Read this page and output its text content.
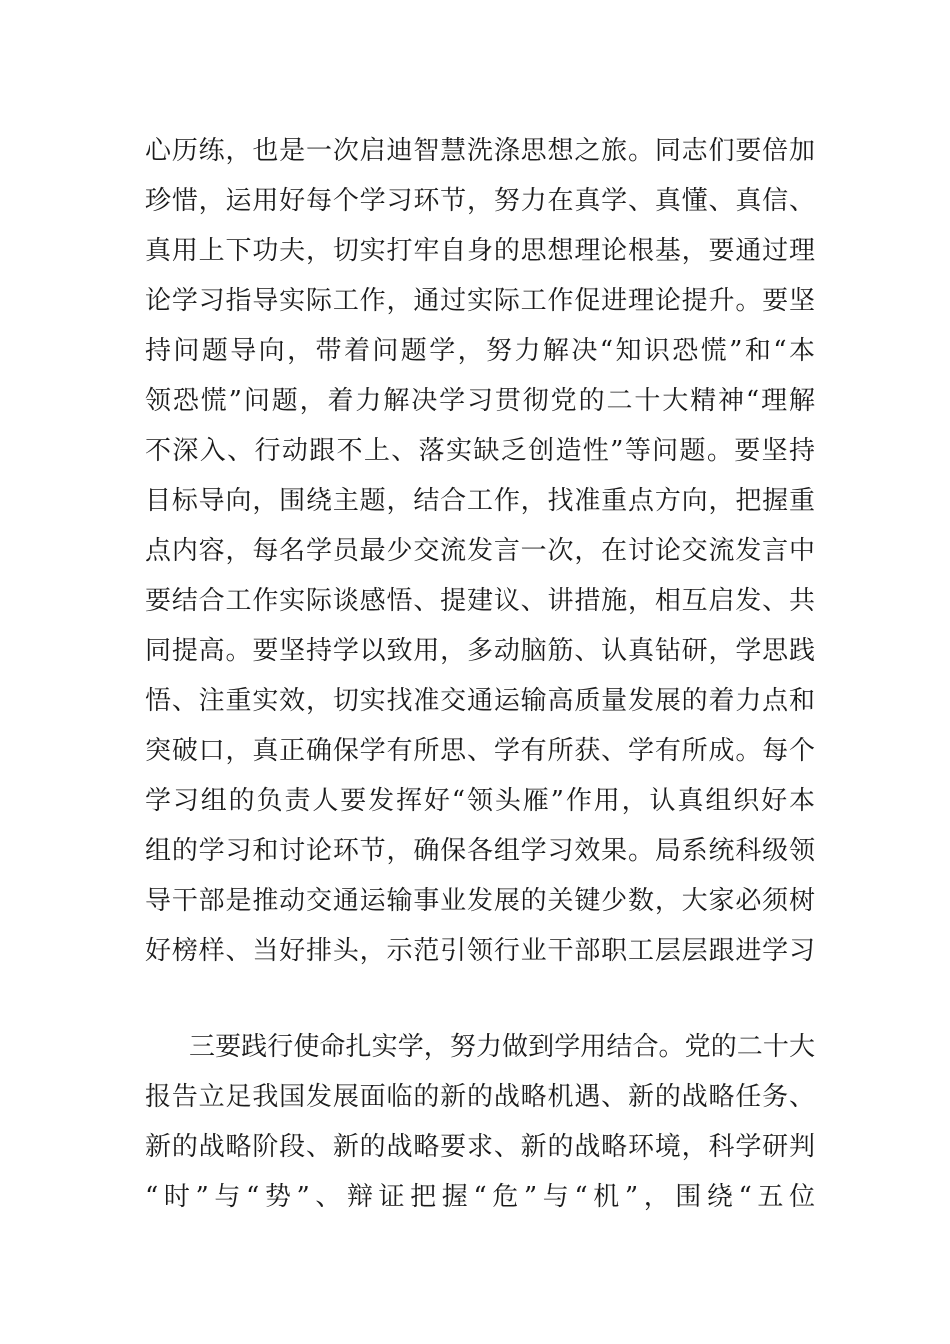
心历练，也是一次启迪智慧洗涤思想之旅。同志们要倍加
珍惜，运用好每个学习环节，努力在真学、真懂、真信、
真用上下功夫，切实打牢自身的思想理论根基，要通过理
论学习指导实际工作，通过实际工作促进理论提升。要坚
持问题导向，带着问题学，努力解决“知识恐慌”和“本
领恐慌”问题，着力解决学习贯彻党的二十大精神“理解
不深入、行动跟不上、落实缺乏创造性”等问题。要坚持
目标导向，围绕主题，结合工作，找准重点方向，把握重
点内容，每名学员最少交流发言一次，在讨论交流发言中
要结合工作实际谈感悟、提建议、讲措施，相互启发、共
同提高。要坚持学以致用，多动脑筋、认真钻研，学思践
悟、注重实效，切实找准交通运输高质量发展的着力点和
突破口，真正确保学有所思、学有所获、学有所成。每个
学习组的负责人要发挥好“领头雁”作用，认真组织好本
组的学习和讨论环节，确保各组学习效果。局系统科级领
导干部是推动交通运输事业发展的关键少数，大家必须树
好榜样、当好排头，示范引领行业干部职工层层跟进学习
三要践行使命扎实学，努力做到学用结合。党的二十大
报告立足我国发展面临的新的战略机遇、新的战略任务、
新的战略阶段、新的战略要求、新的战略环境，科学研判
“时”与“势”、辩证把握“危”与“机”，围绕“五位
